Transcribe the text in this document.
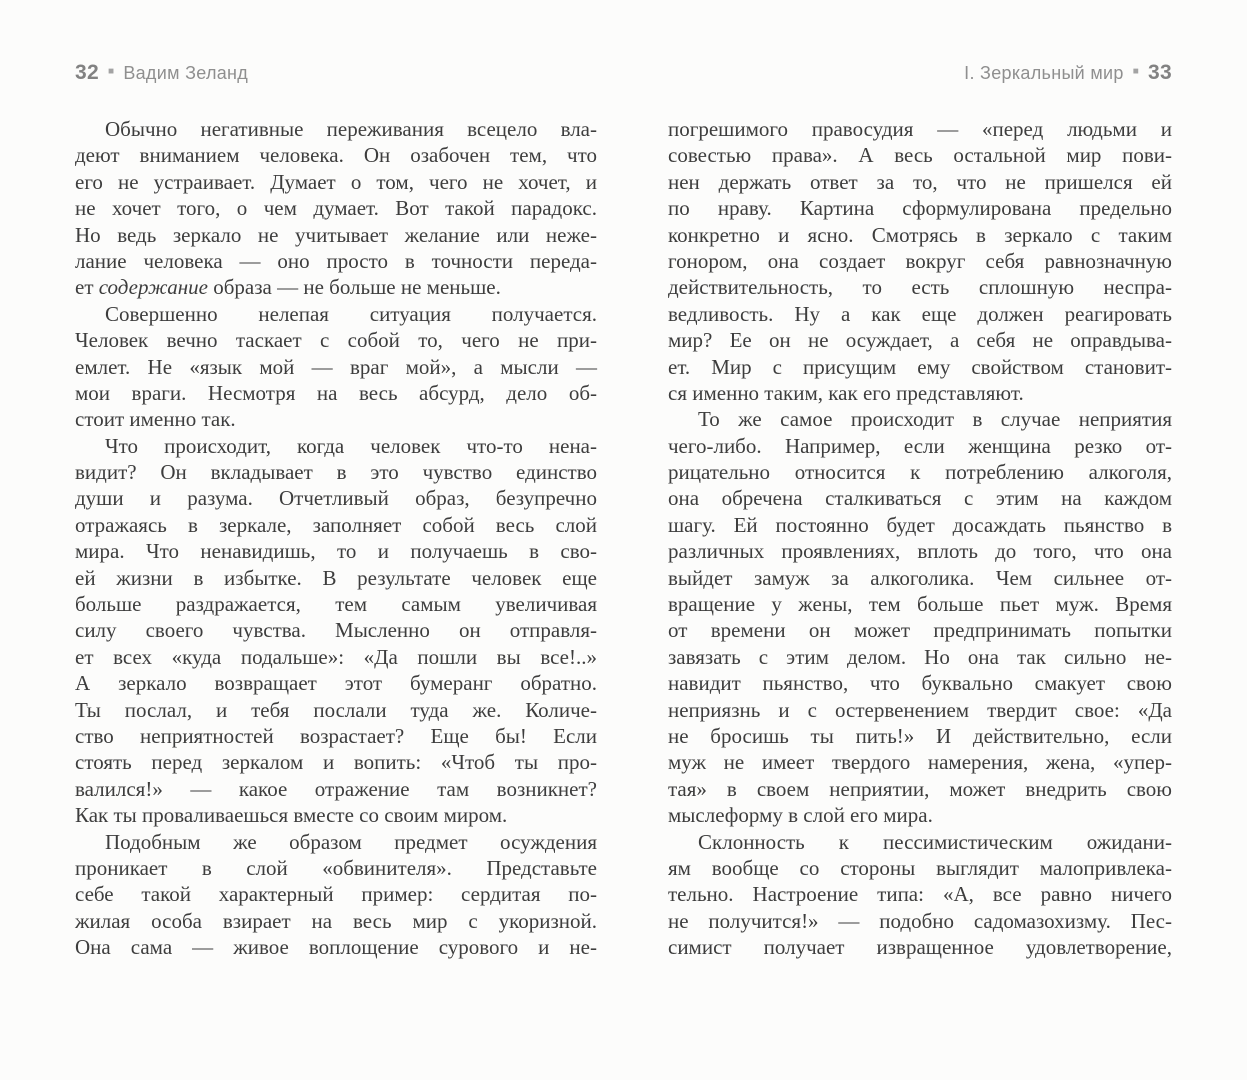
32 ■ Вадим Зеланд
Обычно негативные переживания всецело вла-
деют вниманием человека. Он озабочен тем, что
его не устраивает. Думает о том, чего не хочет, и
не хочет того, о чем думает. Вот такой парадокс.
Но ведь зеркало не учитывает желание или неже-
лание человека — оно просто в точности переда-
ет содержание образа — не больше не меньше.
Совершенно нелепая ситуация получается.
Человек вечно таскает с собой то, чего не при-
емлет. Не «язык мой — враг мой», а мысли —
мои враги. Несмотря на весь абсурд, дело об-
стоит именно так.
Что происходит, когда человек что-то нена-
видит? Он вкладывает в это чувство единство
души и разума. Отчетливый образ, безупречно
отражаясь в зеркале, заполняет собой весь слой
мира. Что ненавидишь, то и получаешь в сво-
ей жизни в избытке. В результате человек еще
больше раздражается, тем самым увеличивая
силу своего чувства. Мысленно он отправля-
ет всех «куда подальше»: «Да пошли вы все!..»
А зеркало возвращает этот бумеранг обратно.
Ты послал, и тебя послали туда же. Количе-
ство неприятностей возрастает? Еще бы! Если
стоять перед зеркалом и вопить: «Чтоб ты про-
валился!» — какое отражение там возникнет?
Как ты проваливаешься вместе со своим миром.
Подобным же образом предмет осуждения
проникает в слой «обвинителя». Представьте
себе такой характерный пример: сердитая по-
жилая особа взирает на весь мир с укоризной.
Она сама — живое воплощение сурового и не-
I. Зеркальный мир ■ 33
погрешимого правосудия — «перед людьми и
совестью права». А весь остальной мир пови-
нен держать ответ за то, что не пришелся ей
по нраву. Картина сформулирована предельно
конкретно и ясно. Смотрясь в зеркало с таким
гонором, она создает вокруг себя равнозначную
действительность, то есть сплошную неспра-
ведливость. Ну а как еще должен реагировать
мир? Ее он не осуждает, а себя не оправдыва-
ет. Мир с присущим ему свойством становит-
ся именно таким, как его представляют.
То же самое происходит в случае неприятия
чего-либо. Например, если женщина резко от-
рицательно относится к потреблению алкоголя,
она обречена сталкиваться с этим на каждом
шагу. Ей постоянно будет досаждать пьянство в
различных проявлениях, вплоть до того, что она
выйдет замуж за алкоголика. Чем сильнее от-
вращение у жены, тем больше пьет муж. Время
от времени он может предпринимать попытки
завязать с этим делом. Но она так сильно не-
навидит пьянство, что буквально смакует свою
неприязнь и с остервенением твердит свое: «Да
не бросишь ты пить!» И действительно, если
муж не имеет твердого намерения, жена, «упер-
тая» в своем неприятии, может внедрить свою
мыслеформу в слой его мира.
Склонность к пессимистическим ожидани-
ям вообще со стороны выглядит малопривлека-
тельно. Настроение типа: «А, все равно ничего
не получится!» — подобно садомазохизму. Пес-
симист получает извращенное удовлетворение,
